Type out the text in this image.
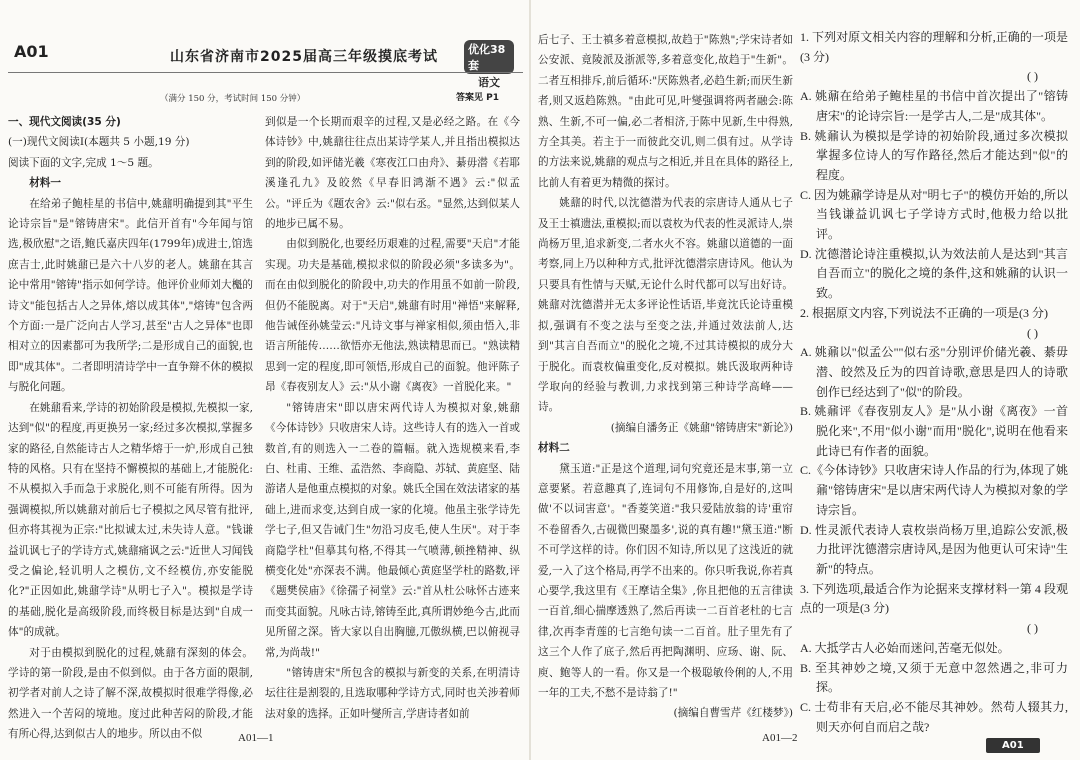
A01	山东省济南市2025届高三年级摸底考试	优化38套
语文
（满分 150 分，考试时间 150 分钟）	答案见 P1

一、现代文阅读(35 分)

(一)现代文阅读Ⅰ(本题共 5 小题,19 分)

阅读下面的文字,完成 1～5 题。

材料一

在给弟子鲍桂星的书信中,姚鼐明确提到其"平生论诗宗旨"是"镕铸唐宋"。此信开首有"今年闻与馆选,极欣慰"之语,鲍氏嘉庆四年(1799年)成进士,馆选庶吉士,此时姚鼐已是六十八岁的老人。姚鼐在其言论中常用"镕铸"指示如何学诗。他评价业师刘大櫆的诗文"能包括古人之异体,熔以成其体","熔铸"包含两个方面:一是广泛向古人学习,甚至"古人之异体"也即相对立的因素都可为我所学;二是形成自己的面貌,也即"成其体"。二者即明清诗学中一直争辩不休的模拟与脱化问题。

在姚鼐看来,学诗的初始阶段是模拟,先模拟一家,达到"似"的程度,再更换另一家;经过多次模拟,掌握多家的路径,自然能诗古人之精华熔于一炉,形成自己独特的风格。只有在坚持不懈模拟的基础上,才能脱化:不从模拟入手而急于求脱化,则不可能有所得。因为强调模拟,所以姚鼐对前后七子模拟之风尽管有批评,但亦将其视为正宗:"比拟诚太过,未失诗人意。"钱谦益讥讽七子的学诗方式,姚鼐痛讽之云:"近世人习闻钱受之偏论,轻讥明人之模仿,文不经模仿,亦安能脱化?"正因如此,姚鼐学诗"从明七子入"。模拟是学诗的基础,脱化是高级阶段,而终极目标是达到"自成一体"的成就。

对于由模拟到脱化的过程,姚鼐有深刻的体会。学诗的第一阶段,是由不似到似。由于各方面的限制,初学者对前人之诗了解不深,故模拟时很难学得像,必然进入一个苦闷的境地。度过此种苦闷的阶段,才能有所心得,达到似古人的地步。所以由不似

到似是一个长期而艰辛的过程,又是必经之路。在《今体诗钞》中,姚鼐往往点出某诗学某人,并且指出模拟达到的阶段,如评储光羲《寒夜江口由舟》、綦毋潜《若耶溪逢孔九》及皎然《早春旧鸿渐不遇》云:"似孟公。"评丘为《题农舍》云:"似右丞。"显然,达到似某人的地步已属不易。

由似到脱化,也要经历艰难的过程,需要"天启"才能实现。功夫是基础,模拟求似的阶段必须"多读多为"。而在由似到脱化的阶段中,功夫的作用虽不如前一阶段,但仍不能脱离。对于"天启",姚鼐有时用"禅悟"来解释,他告诫侄孙姚莹云:"凡诗文事与禅家相似,须由悟入,非语言所能传……欲悟亦无他法,熟读精思而已。"熟读精思到一定的程度,即可领悟,形成自己的面貌。他评陈子昂《春夜别友人》云:"从小谢《离夜》一首脱化来。"

"镕铸唐宋"即以唐宋两代诗人为模拟对象,姚鼐《今体诗钞》只收唐宋人诗。这些诗人有的选入一首或数首,有的则选入一二卷的篇幅。就入选规模来看,李白、杜甫、王维、孟浩然、李商隐、苏轼、黄庭坚、陆游诸人是他重点模拟的对象。姚氏全国在效法诸家的基础上,进而求变,达到自成一家的化境。他虽主张学诗先学七子,但又告诫门生"勿沿习皮毛,使人生厌"。对于李商隐学杜"但摹其句格,不得其一气喷薄,顿挫精神、纵横变化处"亦深表不满。他最倾心黄庭坚学杜的路数,评《题樊侯庙》《徐孺子祠堂》云:"首从杜公咏怀古迹来而变其面貌。凡咏古诗,镕铸至此,真所谓妙绝今古,此而见所留之深。皆大家以自出胸臆,兀傲纵横,巴以俯视寻常,为尚哉!"

"镕铸唐宋"所包含的模拟与新变的关系,在明清诗坛往往是割裂的,且选取哪种学诗方式,同时也关涉着师法对象的选择。正如叶燮所言,学唐诗者如前

A01—1

后七子、王士禛多着意模拟,故趋于"陈熟";学宋诗者如公安派、竟陵派及浙派等,多着意变化,故趋于"生新"。二者互相排斥,前后循环:"厌陈熟者,必趋生新;而厌生新者,则又返趋陈熟。"由此可见,叶燮强调将两者融会:陈熟、生新,不可一偏,必二者相济,于陈中见新,生中得熟,方全其美。若主于一而彼此交讥,则二俱有过。从学诗的方法来说,姚鼐的观点与之相近,并且在具体的路径上,比前人有着更为精微的探讨。

姚鼐的时代,以沈德潜为代表的宗唐诗人通从七子及王士禛遗法,重模拟;而以袁枚为代表的性灵派诗人,崇尚杨万里,追求新变,二者水火不容。姚鼐以道德的一面考察,同上乃以种种方式,批评沈德潜宗唐诗风。他认为只要具有性情与天赋,无论什么时代都可以写出好诗。姚鼐对沈德潜并无太多评论性话语,毕竟沈氏论诗重模拟,强调有不变之法与至变之法,并通过效法前人,达到"其言自吾而立"的脱化之境,不过其诗模拟的成分大于脱化。而袁枚偏重变化,反对模拟。姚氏汲取两种诗学取向的经验与教训,力求找到第三种诗学高峰——诗。

(摘编自潘务正《姚鼐"镕铸唐宋"新论》)

材料二

黛玉道:"正是这个道理,词句究竟还是末事,第一立意要紧。若意趣真了,连词句不用修饰,自是好的,这叫做'不以词害意'。"香菱笑道:"我只爱陆放翁的诗'重帘不卷留香久,古砚微凹聚墨多',说的真有趣!"黛玉道:"断不可学这样的诗。你们因不知诗,所以见了这浅近的就爱,一入了这个格局,再学不出来的。你只听我说,你若真心要学,我这里有《王摩诘全集》,你且把他的五言律读一百首,细心揣摩透熟了,然后再读一二百首老杜的七言律,次再李青莲的七言绝句读一二百首。肚子里先有了这三个人作了底子,然后再把陶渊明、应玚、谢、阮、庾、鲍等人的一看。你又是一个极聪敏伶俐的人,不用一年的工夫,不愁不是诗翁了!"

(摘编自曹雪芹《红楼梦》)

1. 下列对原文相关内容的理解和分析,正确的一项是(3 分)

( )

A. 姚鼐在给弟子鲍桂星的书信中首次提出了"镕铸唐宋"的论诗宗旨:一是学古人,二是"成其体"。

B. 姚鼐认为模拟是学诗的初始阶段,通过多次模拟掌握多位诗人的写作路径,然后才能达到"似"的程度。

C. 因为姚鼐学诗是从对"明七子"的模仿开始的,所以当钱谦益讥讽七子学诗方式时,他极力给以批评。

D. 沈德潜论诗注重模拟,认为效法前人是达到"其言自吾而立"的脱化之境的条件,这和姚鼐的认识一致。

2. 根据原文内容,下列说法不正确的一项是(3 分)

( )

A. 姚鼐以"似孟公""似右丞"分别评价储光羲、綦毋潜、皎然及丘为的四首诗歌,意思是四人的诗歌创作已经达到了"似"的阶段。

B. 姚鼐评《春夜别友人》是"从小谢《离夜》一首脱化来",不用"似小谢"而用"脱化",说明在他看来此诗已有作者的面貌。

C.《今体诗钞》只收唐宋诗人作品的行为,体现了姚鼐"镕铸唐宋"是以唐宋两代诗人为模拟对象的学诗宗旨。

D. 性灵派代表诗人袁枚崇尚杨万里,追踪公安派,极力批评沈德潜宗唐诗风,是因为他更认可宋诗"生新"的特点。

3. 下列选项,最适合作为论据来支撑材料一第 4 段观点的一项是(3 分)

( )

A. 大抵学古人必始而迷问,苦毫无似处。

B. 至其神妙之境,又须于无意中忽然遇之,非可力探。

C. 士苟非有天启,必不能尽其神妙。然苟人辍其力,则天亦何自而启之哉?

A01—2
A01
